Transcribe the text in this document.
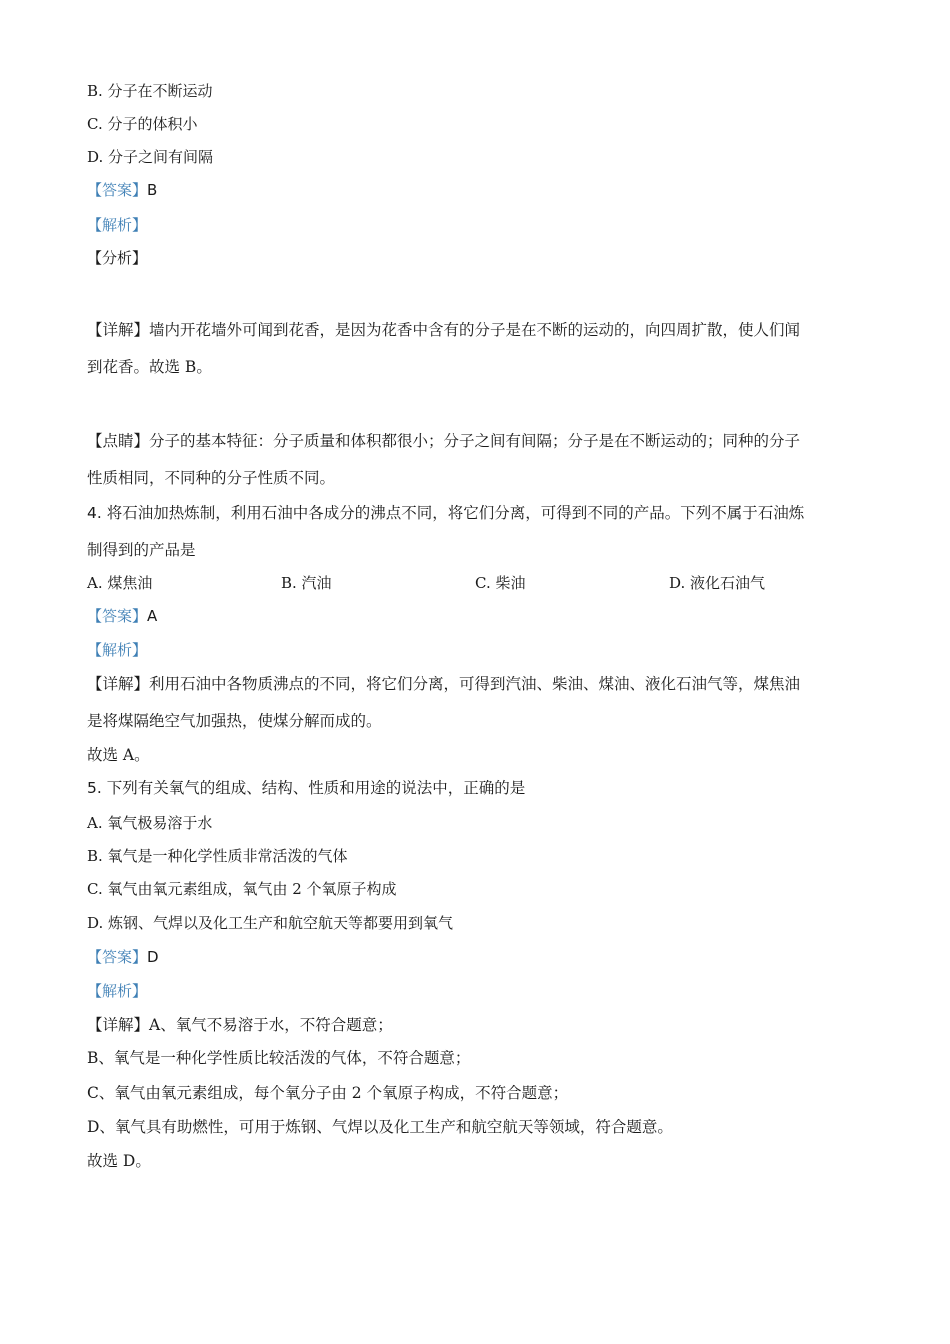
B. 分子在不断运动
C. 分子的体积小
D. 分子之间有间隔
【答案】B
【解析】
【分析】
【详解】墙内开花墙外可闻到花香，是因为花香中含有的分子是在不断的运动的，向四周扩散，使人们闻
到花香。故选 B。
【点睛】分子的基本特征：分子质量和体积都很小；分子之间有间隔；分子是在不断运动的；同种的分子
性质相同，不同种的分子性质不同。
4. 将石油加热炼制，利用石油中各成分的沸点不同，将它们分离，可得到不同的产品。下列不属于石油炼
制得到的产品是
A. 煤焦油	B. 汽油	C. 柴油	D. 液化石油气
【答案】A
【解析】
【详解】利用石油中各物质沸点的不同，将它们分离，可得到汽油、柴油、煤油、液化石油气等，煤焦油
是将煤隔绝空气加强热，使煤分解而成的。
故选 A。
5. 下列有关氧气的组成、结构、性质和用途的说法中，正确的是
A. 氧气极易溶于水
B. 氧气是一种化学性质非常活泼的气体
C. 氧气由氧元素组成，氧气由 2 个氧原子构成
D. 炼钢、气焊以及化工生产和航空航天等都要用到氧气
【答案】D
【解析】
【详解】A、氧气不易溶于水，不符合题意；
B、氧气是一种化学性质比较活泼的气体，不符合题意；
C、氧气由氧元素组成，每个氧分子由 2 个氧原子构成，不符合题意；
D、氧气具有助燃性，可用于炼钢、气焊以及化工生产和航空航天等领域，符合题意。
故选 D。
